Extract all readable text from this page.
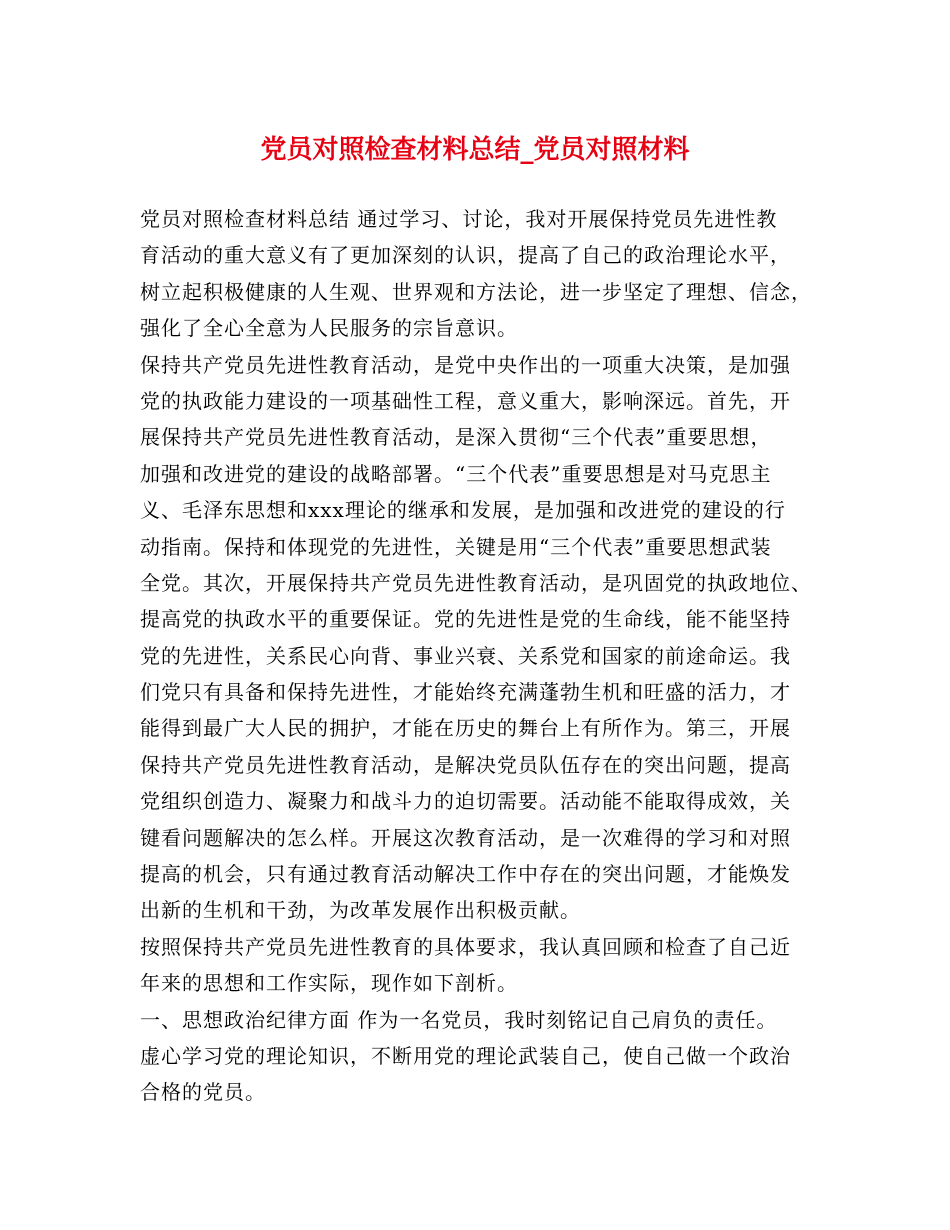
党员对照检查材料总结_党员对照材料
党员对照检查材料总结 通过学习、讨论，我对开展保持党员先进性教
育活动的重大意义有了更加深刻的认识，提高了自己的政治理论水平，
树立起积极健康的人生观、世界观和方法论，进一步坚定了理想、信念，
强化了全心全意为人民服务的宗旨意识。
保持共产党员先进性教育活动，是党中央作出的一项重大决策，是加强
党的执政能力建设的一项基础性工程，意义重大，影响深远。首先，开
展保持共产党员先进性教育活动，是深入贯彻“三个代表”重要思想，
加强和改进党的建设的战略部署。“三个代表”重要思想是对马克思主
义、毛泽东思想和xxx理论的继承和发展，是加强和改进党的建设的行
动指南。保持和体现党的先进性，关键是用“三个代表”重要思想武装
全党。其次，开展保持共产党员先进性教育活动，是巩固党的执政地位、
提高党的执政水平的重要保证。党的先进性是党的生命线，能不能坚持
党的先进性，关系民心向背、事业兴衰、关系党和国家的前途命运。我
们党只有具备和保持先进性，才能始终充满蓬勃生机和旺盛的活力，才
能得到最广大人民的拥护，才能在历史的舞台上有所作为。第三，开展
保持共产党员先进性教育活动，是解决党员队伍存在的突出问题，提高
党组织创造力、凝聚力和战斗力的迫切需要。活动能不能取得成效，关
键看问题解决的怎么样。开展这次教育活动，是一次难得的学习和对照
提高的机会，只有通过教育活动解决工作中存在的突出问题，才能焕发
出新的生机和干劲，为改革发展作出积极贡献。
按照保持共产党员先进性教育的具体要求，我认真回顾和检查了自己近
年来的思想和工作实际，现作如下剖析。
一、思想政治纪律方面 作为一名党员，我时刻铭记自己肩负的责任。
虚心学习党的理论知识，不断用党的理论武装自己，使自己做一个政治
合格的党员。
